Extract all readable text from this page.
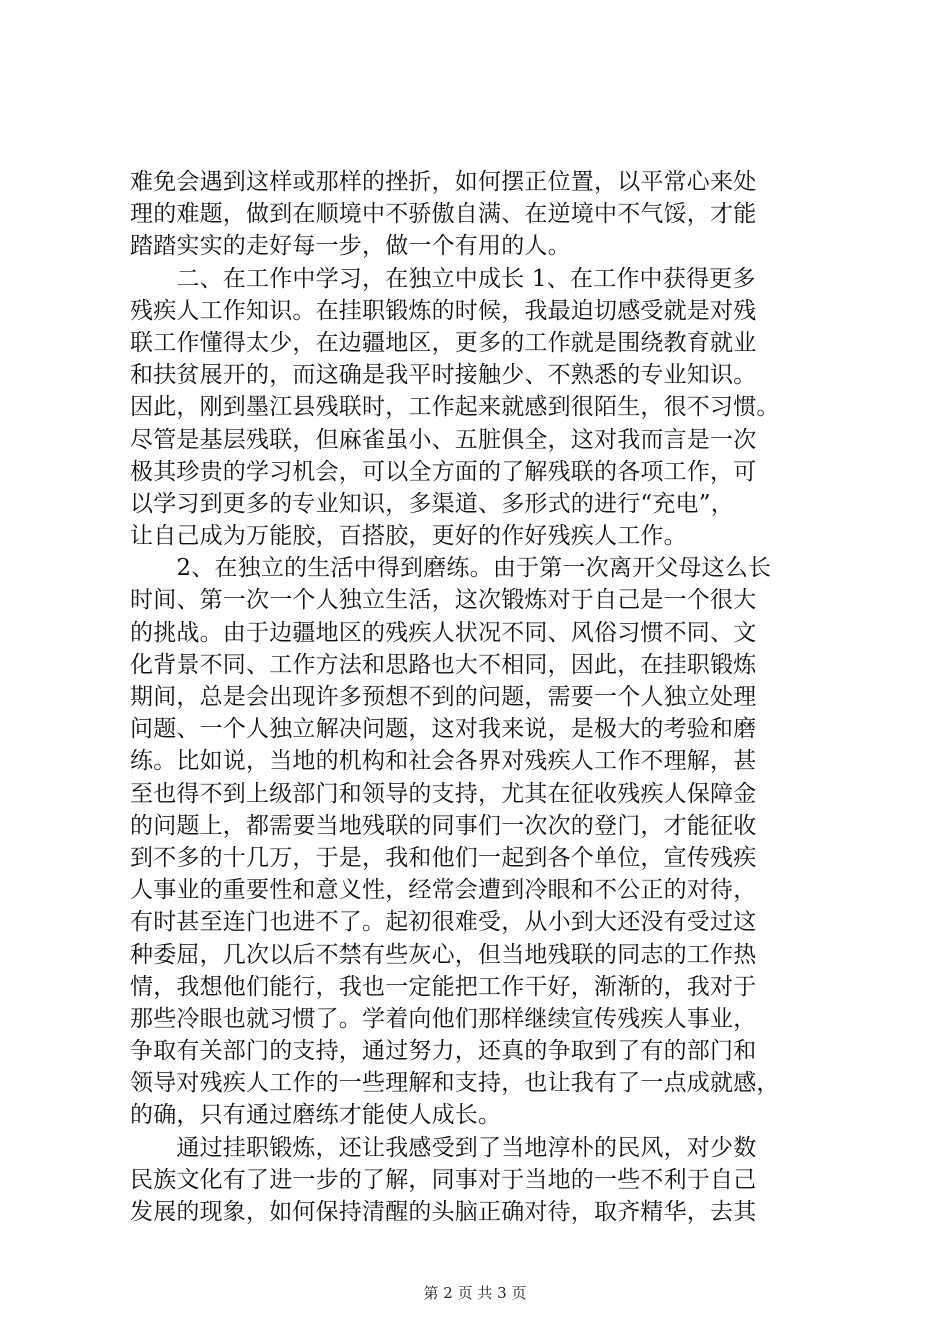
难免会遇到这样或那样的挫折，如何摆正位置，以平常心来处
理的难题，做到在顺境中不骄傲自满、在逆境中不气馁，才能
踏踏实实的走好每一步，做一个有用的人。
　　二、在工作中学习，在独立中成长 1、在工作中获得更多
残疾人工作知识。在挂职锻炼的时候，我最迫切感受就是对残
联工作懂得太少，在边疆地区，更多的工作就是围绕教育就业
和扶贫展开的，而这确是我平时接触少、不熟悉的专业知识。
因此，刚到墨江县残联时，工作起来就感到很陌生，很不习惯。
尽管是基层残联，但麻雀虽小、五脏俱全，这对我而言是一次
极其珍贵的学习机会，可以全方面的了解残联的各项工作，可
以学习到更多的专业知识，多渠道、多形式的进行“充电”，
让自己成为万能胶，百搭胶，更好的作好残疾人工作。
　　2、在独立的生活中得到磨练。由于第一次离开父母这么长
时间、第一次一个人独立生活，这次锻炼对于自己是一个很大
的挑战。由于边疆地区的残疾人状况不同、风俗习惯不同、文
化背景不同、工作方法和思路也大不相同，因此，在挂职锻炼
期间，总是会出现许多预想不到的问题，需要一个人独立处理
问题、一个人独立解决问题，这对我来说，是极大的考验和磨
练。比如说，当地的机构和社会各界对残疾人工作不理解，甚
至也得不到上级部门和领导的支持，尤其在征收残疾人保障金
的问题上，都需要当地残联的同事们一次次的登门，才能征收
到不多的十几万，于是，我和他们一起到各个单位，宣传残疾
人事业的重要性和意义性，经常会遭到冷眼和不公正的对待，
有时甚至连门也进不了。起初很难受，从小到大还没有受过这
种委屈，几次以后不禁有些灰心，但当地残联的同志的工作热
情，我想他们能行，我也一定能把工作干好，渐渐的，我对于
那些冷眼也就习惯了。学着向他们那样继续宣传残疾人事业，
争取有关部门的支持，通过努力，还真的争取到了有的部门和
领导对残疾人工作的一些理解和支持，也让我有了一点成就感，
的确，只有通过磨练才能使人成长。
　　通过挂职锻炼，还让我感受到了当地淳朴的民风，对少数
民族文化有了进一步的了解，同事对于当地的一些不利于自己
发展的现象，如何保持清醒的头脑正确对待，取齐精华，去其
第 2 页 共 3 页
